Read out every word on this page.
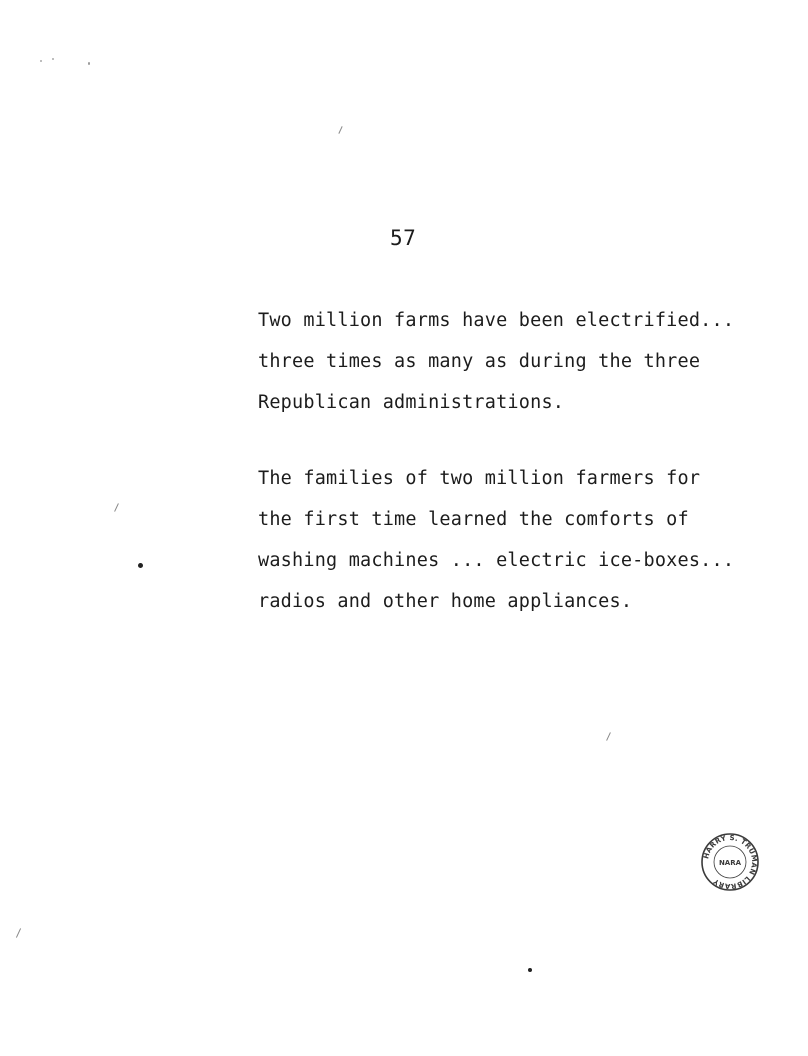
57
Two million farms have been electrified...
three times as many as during the three
Republican administrations.
The families of two million farmers for
the first time learned the comforts of
washing machines ... electric ice-boxes...
radios and other home appliances.
HARRY S. TRUMAN LIBRARY
NARA
